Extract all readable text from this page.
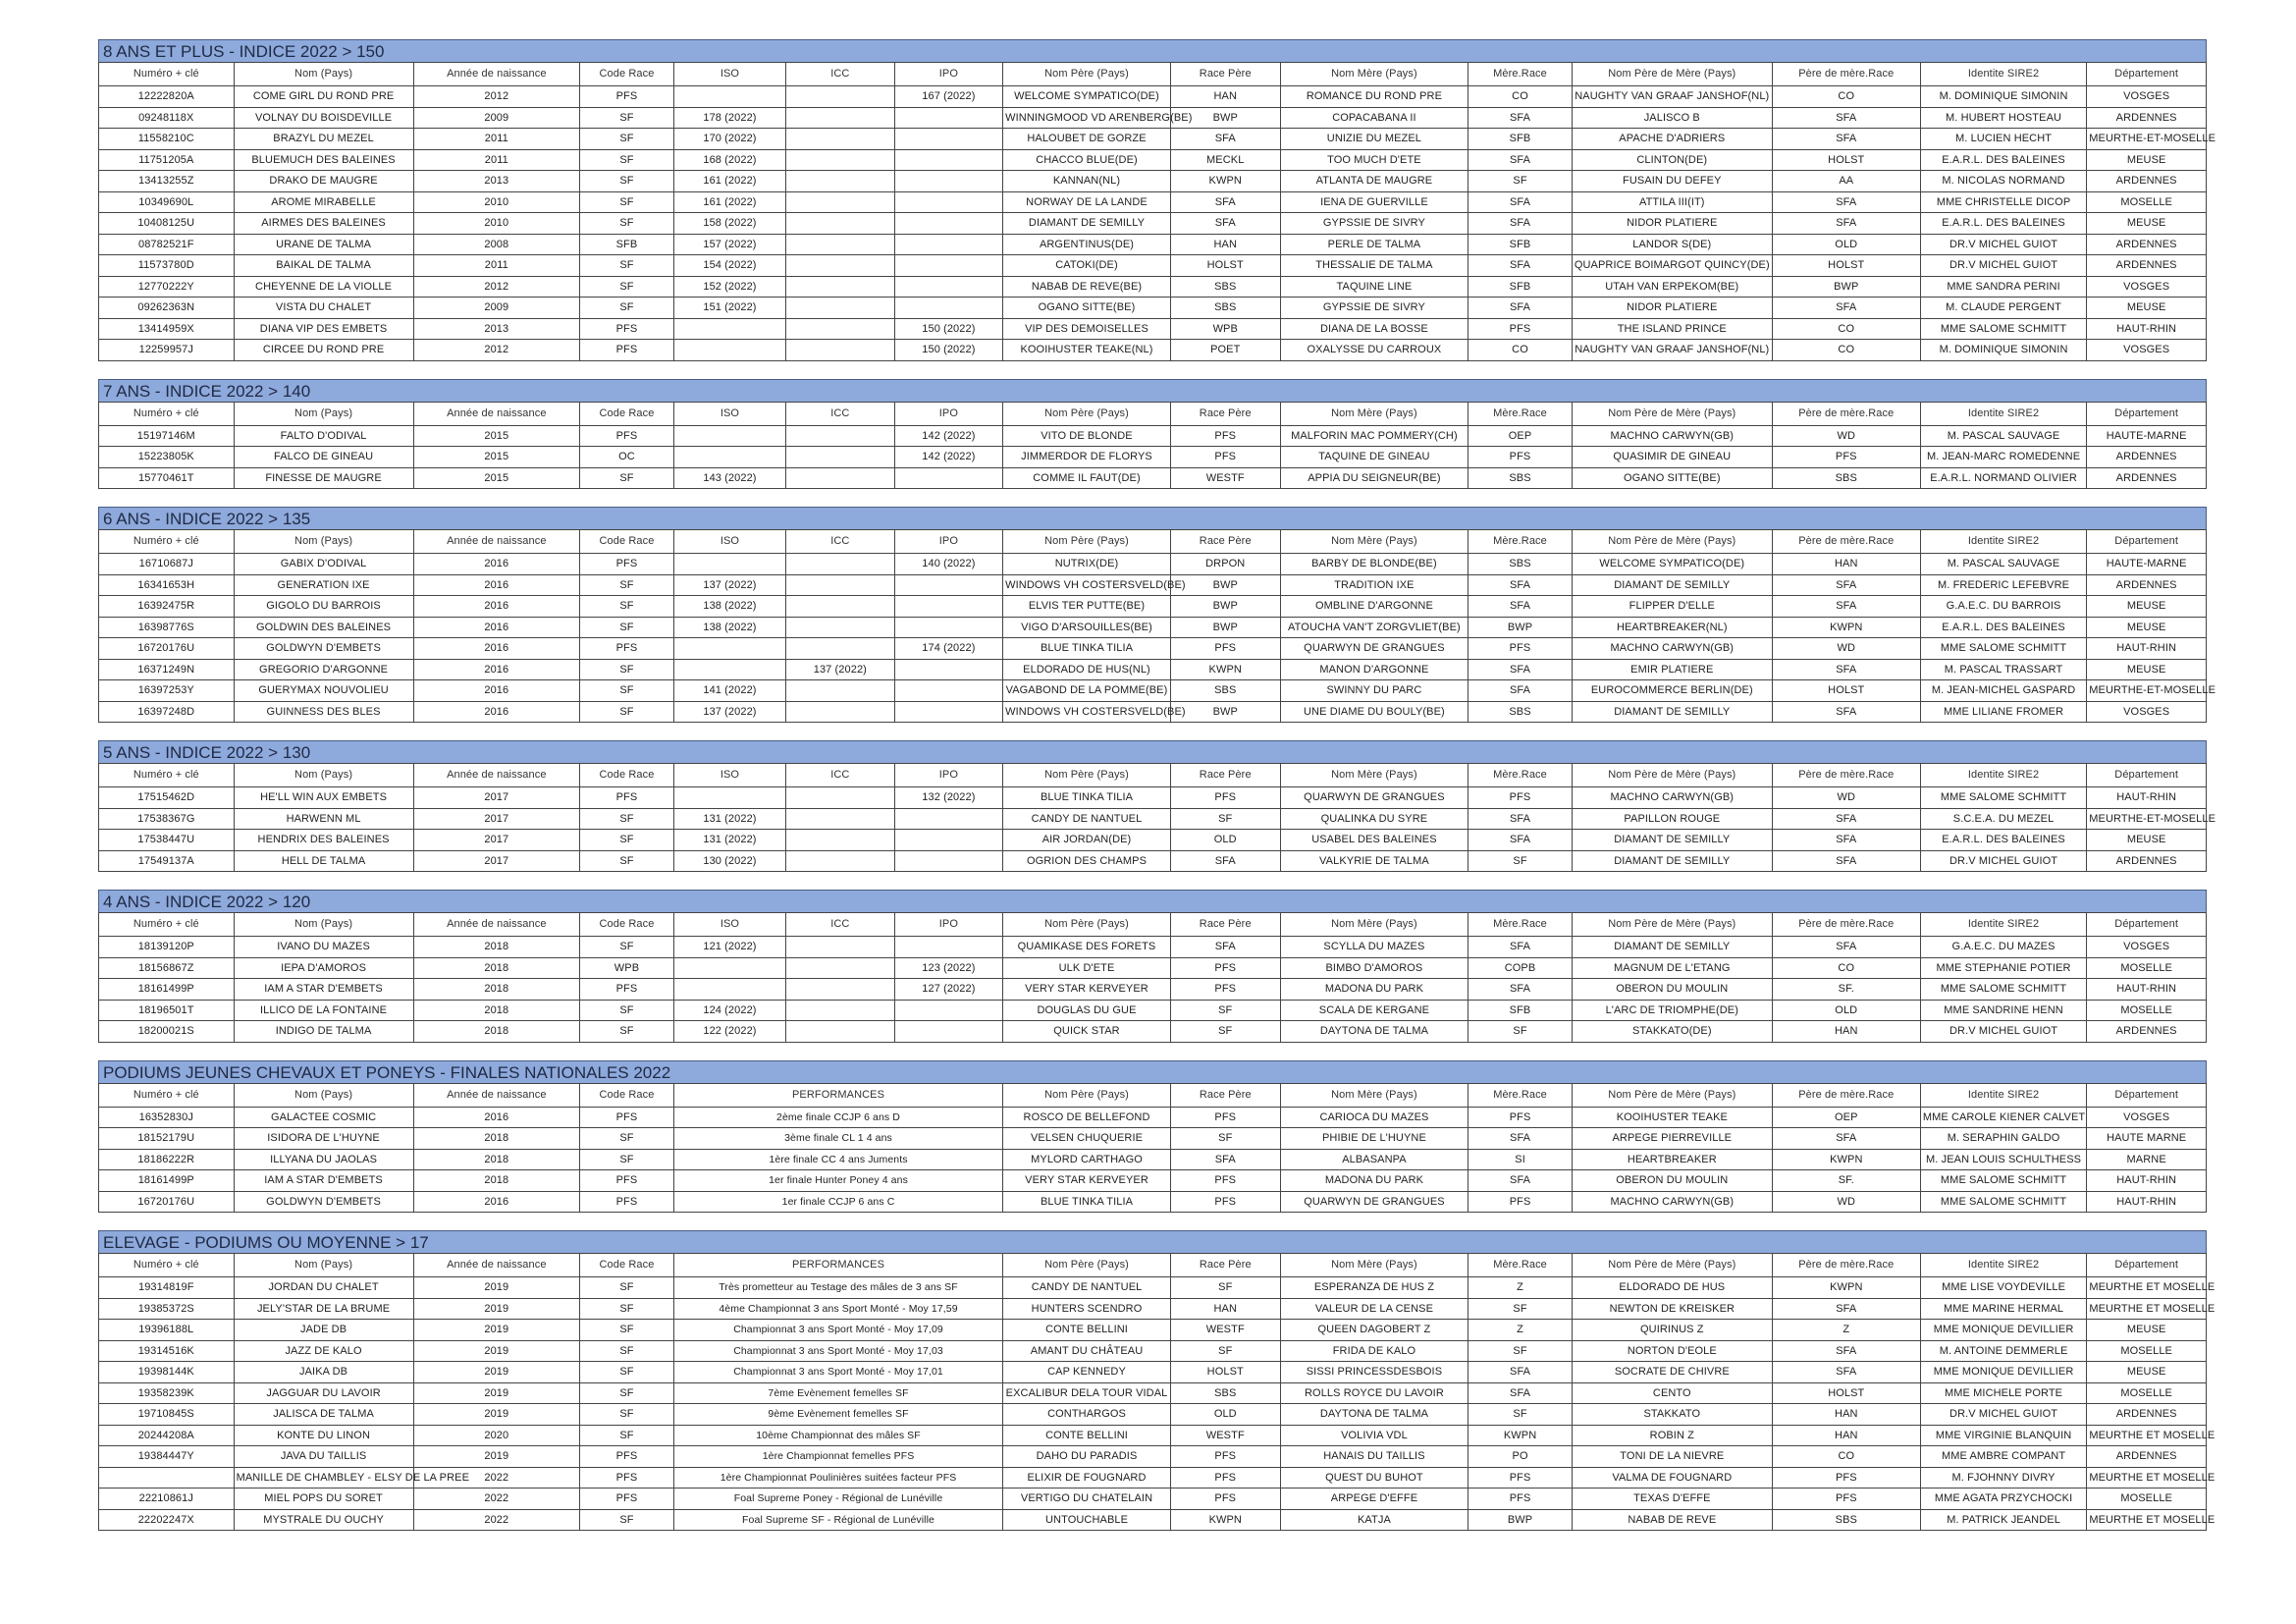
8 ANS ET PLUS - INDICE 2022 > 150
Numéro + clé	Nom (Pays)	Année de naissance	Code Race	ISO	ICC	IPO	Nom Père (Pays)	Race Père	Nom Mère (Pays)	Mère.Race	Nom Père de Mère (Pays)	Père de mère.Race	Identite SIRE2	Département
12222820A	COME GIRL DU ROND PRE	2012	PFS			167 (2022)	WELCOME SYMPATICO(DE)	HAN	ROMANCE DU ROND PRE	CO	NAUGHTY VAN GRAAF JANSHOF(NL)	CO	M. DOMINIQUE SIMONIN	VOSGES
09248118X	VOLNAY DU BOISDEVILLE	2009	SF	178 (2022)			WINNINGMOOD VD ARENBERG(BE)	BWP	COPACABANA II	SFA	JALISCO B	SFA	M. HUBERT HOSTEAU	ARDENNES
11558210C	BRAZYL DU MEZEL	2011	SF	170 (2022)			HALOUBET DE GORZE	SFA	UNIZIE DU MEZEL	SFB	APACHE D'ADRIERS	SFA	M. LUCIEN HECHT	MEURTHE-ET-MOSELLE
11751205A	BLUEMUCH DES BALEINES	2011	SF	168 (2022)			CHACCO BLUE(DE)	MECKL	TOO MUCH D'ETE	SFA	CLINTON(DE)	HOLST	E.A.R.L. DES BALEINES	MEUSE
13413255Z	DRAKO DE MAUGRE	2013	SF	161 (2022)			KANNAN(NL)	KWPN	ATLANTA DE MAUGRE	SF	FUSAIN DU DEFEY	AA	M. NICOLAS NORMAND	ARDENNES
10349690L	AROME MIRABELLE	2010	SF	161 (2022)			NORWAY DE LA LANDE	SFA	IENA DE GUERVILLE	SFA	ATTILA III(IT)	SFA	MME CHRISTELLE DICOP	MOSELLE
10408125U	AIRMES DES BALEINES	2010	SF	158 (2022)			DIAMANT DE SEMILLY	SFA	GYPSSIE DE SIVRY	SFA	NIDOR PLATIERE	SFA	E.A.R.L. DES BALEINES	MEUSE
08782521F	URANE DE TALMA	2008	SFB	157 (2022)			ARGENTINUS(DE)	HAN	PERLE DE TALMA	SFB	LANDOR S(DE)	OLD	DR.V MICHEL GUIOT	ARDENNES
11573780D	BAIKAL DE TALMA	2011	SF	154 (2022)			CATOKI(DE)	HOLST	THESSALIE DE TALMA	SFA	QUAPRICE BOIMARGOT QUINCY(DE)	HOLST	DR.V MICHEL GUIOT	ARDENNES
12770222Y	CHEYENNE DE LA VIOLLE	2012	SF	152 (2022)			NABAB DE REVE(BE)	SBS	TAQUINE LINE	SFB	UTAH VAN ERPEKOM(BE)	BWP	MME SANDRA PERINI	VOSGES
09262363N	VISTA DU CHALET	2009	SF	151 (2022)			OGANO SITTE(BE)	SBS	GYPSSIE DE SIVRY	SFA	NIDOR PLATIERE	SFA	M. CLAUDE PERGENT	MEUSE
13414959X	DIANA VIP DES EMBETS	2013	PFS			150 (2022)	VIP DES DEMOISELLES	WPB	DIANA DE LA BOSSE	PFS	THE ISLAND PRINCE	CO	MME SALOME SCHMITT	HAUT-RHIN
12259957J	CIRCEE DU ROND PRE	2012	PFS			150 (2022)	KOOIHUSTER TEAKE(NL)	POET	OXALYSSE DU CARROUX	CO	NAUGHTY VAN GRAAF JANSHOF(NL)	CO	M. DOMINIQUE SIMONIN	VOSGES
7 ANS - INDICE 2022 > 140
Numéro + clé	Nom (Pays)	Année de naissance	Code Race	ISO	ICC	IPO	Nom Père (Pays)	Race Père	Nom Mère (Pays)	Mère.Race	Nom Père de Mère (Pays)	Père de mère.Race	Identite SIRE2	Département
15197146M	FALTO D'ODIVAL	2015	PFS			142 (2022)	VITO DE BLONDE	PFS	MALFORIN MAC POMMERY(CH)	OEP	MACHNO CARWYN(GB)	WD	M. PASCAL SAUVAGE	HAUTE-MARNE
15223805K	FALCO DE GINEAU	2015	OC			142 (2022)	JIMMERDOR DE FLORYS	PFS	TAQUINE DE GINEAU	PFS	QUASIMIR DE GINEAU	PFS	M. JEAN-MARC ROMEDENNE	ARDENNES
15770461T	FINESSE DE MAUGRE	2015	SF	143 (2022)			COMME IL FAUT(DE)	WESTF	APPIA DU SEIGNEUR(BE)	SBS	OGANO SITTE(BE)	SBS	E.A.R.L. NORMAND OLIVIER	ARDENNES
6 ANS - INDICE 2022 > 135
Numéro + clé	Nom (Pays)	Année de naissance	Code Race	ISO	ICC	IPO	Nom Père (Pays)	Race Père	Nom Mère (Pays)	Mère.Race	Nom Père de Mère (Pays)	Père de mère.Race	Identite SIRE2	Département
16710687J	GABIX D'ODIVAL	2016	PFS			140 (2022)	NUTRIX(DE)	DRPON	BARBY DE BLONDE(BE)	SBS	WELCOME SYMPATICO(DE)	HAN	M. PASCAL SAUVAGE	HAUTE-MARNE
16341653H	GENERATION IXE	2016	SF	137 (2022)			WINDOWS VH COSTERSVELD(BE)	BWP	TRADITION IXE	SFA	DIAMANT DE SEMILLY	SFA	M. FREDERIC LEFEBVRE	ARDENNES
16392475R	GIGOLO DU BARROIS	2016	SF	138 (2022)			ELVIS TER PUTTE(BE)	BWP	OMBLINE D'ARGONNE	SFA	FLIPPER D'ELLE	SFA	G.A.E.C. DU BARROIS	MEUSE
16398776S	GOLDWIN DES BALEINES	2016	SF	138 (2022)			VIGO D'ARSOUILLES(BE)	BWP	ATOUCHA VAN'T ZORGVLIET(BE)	BWP	HEARTBREAKER(NL)	KWPN	E.A.R.L. DES BALEINES	MEUSE
16720176U	GOLDWYN D'EMBETS	2016	PFS			174 (2022)	BLUE TINKA TILIA	PFS	QUARWYN DE GRANGUES	PFS	MACHNO CARWYN(GB)	WD	MME SALOME SCHMITT	HAUT-RHIN
16371249N	GREGORIO D'ARGONNE	2016	SF		137 (2022)		ELDORADO DE HUS(NL)	KWPN	MANON D'ARGONNE	SFA	EMIR PLATIERE	SFA	M. PASCAL TRASSART	MEUSE
16397253Y	GUERYMAX NOUVOLIEU	2016	SF	141 (2022)			VAGABOND DE LA POMME(BE)	SBS	SWINNY DU PARC	SFA	EUROCOMMERCE BERLIN(DE)	HOLST	M. JEAN-MICHEL GASPARD	MEURTHE-ET-MOSELLE
16397248D	GUINNESS DES BLES	2016	SF	137 (2022)			WINDOWS VH COSTERSVELD(BE)	BWP	UNE DIAME DU BOULY(BE)	SBS	DIAMANT DE SEMILLY	SFA	MME LILIANE FROMER	VOSGES
5 ANS - INDICE 2022 > 130
Numéro + clé	Nom (Pays)	Année de naissance	Code Race	ISO	ICC	IPO	Nom Père (Pays)	Race Père	Nom Mère (Pays)	Mère.Race	Nom Père de Mère (Pays)	Père de mère.Race	Identite SIRE2	Département
17515462D	HE'LL WIN AUX EMBETS	2017	PFS			132 (2022)	BLUE TINKA TILIA	PFS	QUARWYN DE GRANGUES	PFS	MACHNO CARWYN(GB)	WD	MME SALOME SCHMITT	HAUT-RHIN
17538367G	HARWENN ML	2017	SF	131 (2022)			CANDY DE NANTUEL	SF	QUALINKA DU SYRE	SFA	PAPILLON ROUGE	SFA	S.C.E.A. DU MEZEL	MEURTHE-ET-MOSELLE
17538447U	HENDRIX DES BALEINES	2017	SF	131 (2022)			AIR JORDAN(DE)	OLD	USABEL DES BALEINES	SFA	DIAMANT DE SEMILLY	SFA	E.A.R.L. DES BALEINES	MEUSE
17549137A	HELL DE TALMA	2017	SF	130 (2022)			OGRION DES CHAMPS	SFA	VALKYRIE DE TALMA	SF	DIAMANT DE SEMILLY	SFA	DR.V MICHEL GUIOT	ARDENNES
4 ANS - INDICE 2022 > 120
Numéro + clé	Nom (Pays)	Année de naissance	Code Race	ISO	ICC	IPO	Nom Père (Pays)	Race Père	Nom Mère (Pays)	Mère.Race	Nom Père de Mère (Pays)	Père de mère.Race	Identite SIRE2	Département
18139120P	IVANO DU MAZES	2018	SF	121 (2022)			QUAMIKASE DES FORETS	SFA	SCYLLA DU MAZES	SFA	DIAMANT DE SEMILLY	SFA	G.A.E.C. DU MAZES	VOSGES
18156867Z	IEPA D'AMOROS	2018	WPB			123 (2022)	ULK D'ETE	PFS	BIMBO D'AMOROS	COPB	MAGNUM DE L'ETANG	CO	MME STEPHANIE POTIER	MOSELLE
18161499P	IAM A STAR D'EMBETS	2018	PFS			127 (2022)	VERY STAR KERVEYER	PFS	MADONA DU PARK	SFA	OBERON DU MOULIN	SF.	MME SALOME SCHMITT	HAUT-RHIN
18196501T	ILLICO DE LA FONTAINE	2018	SF	124 (2022)			DOUGLAS DU GUE	SF	SCALA DE KERGANE	SFB	L'ARC DE TRIOMPHE(DE)	OLD	MME SANDRINE HENN	MOSELLE
18200021S	INDIGO DE TALMA	2018	SF	122 (2022)			QUICK STAR	SF	DAYTONA DE TALMA	SF	STAKKATO(DE)	HAN	DR.V MICHEL GUIOT	ARDENNES
PODIUMS JEUNES CHEVAUX ET PONEYS - FINALES NATIONALES 2022
Numéro + clé	Nom (Pays)	Année de naissance	Code Race	PERFORMANCES	Nom Père (Pays)	Race Père	Nom Mère (Pays)	Mère.Race	Nom Père de Mère (Pays)	Père de mère.Race	Identite SIRE2	Département
16352830J	GALACTEE COSMIC	2016	PFS	2ème finale CCJP 6 ans D	ROSCO DE BELLEFOND	PFS	CARIOCA DU MAZES	PFS	KOOIHUSTER TEAKE	OEP	MME CAROLE KIENER CALVET	VOSGES
18152179U	ISIDORA DE L'HUYNE	2018	SF	3ème finale CL 1 4 ans	VELSEN CHUQUERIE	SF	PHIBIE DE L'HUYNE	SFA	ARPEGE PIERREVILLE	SFA	M. SERAPHIN GALDO	HAUTE MARNE
18186222R	ILLYANA DU JAOLAS	2018	SF	1ère finale CC 4 ans Juments	MYLORD CARTHAGO	SFA	ALBASANPA	SI	HEARTBREAKER	KWPN	M. JEAN LOUIS SCHULTHESS	MARNE
18161499P	IAM A STAR D'EMBETS	2018	PFS	1er finale Hunter Poney 4 ans	VERY STAR KERVEYER	PFS	MADONA DU PARK	SFA	OBERON DU MOULIN	SF.	MME SALOME SCHMITT	HAUT-RHIN
16720176U	GOLDWYN D'EMBETS	2016	PFS	1er finale CCJP 6 ans C	BLUE TINKA TILIA	PFS	QUARWYN DE GRANGUES	PFS	MACHNO CARWYN(GB)	WD	MME SALOME SCHMITT	HAUT-RHIN
ELEVAGE - PODIUMS OU MOYENNE > 17
Numéro + clé	Nom (Pays)	Année de naissance	Code Race	PERFORMANCES	Nom Père (Pays)	Race Père	Nom Mère (Pays)	Mère.Race	Nom Père de Mère (Pays)	Père de mère.Race	Identite SIRE2	Département
19314819F	JORDAN DU CHALET	2019	SF	Très prometteur au Testage des mâles de 3 ans SF	CANDY DE NANTUEL	SF	ESPERANZA DE HUS Z	Z	ELDORADO DE HUS	KWPN	MME LISE VOYDEVILLE	MEURTHE ET MOSELLE
19385372S	JELY'STAR DE LA BRUME	2019	SF	4ème Championnat 3 ans Sport Monté - Moy 17,59	HUNTERS SCENDRO	HAN	VALEUR DE LA CENSE	SF	NEWTON DE KREISKER	SFA	MME MARINE HERMAL	MEURTHE ET MOSELLE
19396188L	JADE DB	2019	SF	Championnat 3 ans Sport Monté - Moy 17,09	CONTE BELLINI	WESTF	QUEEN DAGOBERT Z	Z	QUIRINUS Z	Z	MME MONIQUE DEVILLIER	MEUSE
19314516K	JAZZ DE KALO	2019	SF	Championnat 3 ans Sport Monté - Moy 17,03	AMANT DU CHÂTEAU	SF	FRIDA DE KALO	SF	NORTON D'EOLE	SFA	M. ANTOINE DEMMERLE	MOSELLE
19398144K	JAIKA DB	2019	SF	Championnat 3 ans Sport Monté - Moy 17,01	CAP KENNEDY	HOLST	SISSI PRINCESSDESBOIS	SFA	SOCRATE DE CHIVRE	SFA	MME MONIQUE DEVILLIER	MEUSE
19358239K	JAGGUAR DU LAVOIR	2019	SF	7ème Evènement femelles SF	EXCALIBUR DELA TOUR VIDAL	SBS	ROLLS ROYCE DU LAVOIR	SFA	CENTO	HOLST	MME MICHELE PORTE	MOSELLE
19710845S	JALISCA DE TALMA	2019	SF	9ème Evènement femelles SF	CONTHARGOS	OLD	DAYTONA DE TALMA	SF	STAKKATO	HAN	DR.V MICHEL GUIOT	ARDENNES
20244208A	KONTE DU LINON	2020	SF	10ème Championnat des mâles SF	CONTE BELLINI	WESTF	VOLIVIA VDL	KWPN	ROBIN Z	HAN	MME VIRGINIE BLANQUIN	MEURTHE ET MOSELLE
19384447Y	JAVA DU TAILLIS	2019	PFS	1ère Championnat femelles PFS	DAHO DU PARADIS	PFS	HANAIS DU TAILLIS	PO	TONI DE LA NIEVRE	CO	MME AMBRE COMPANT	ARDENNES
	MANILLE DE CHAMBLEY - ELSY DE LA PREE	2022	PFS	1ère Championnat Poulinières suitées facteur PFS	ELIXIR DE FOUGNARD	PFS	QUEST DU BUHOT	PFS	VALMA DE FOUGNARD	PFS	M. FJOHNNY DIVRY	MEURTHE ET MOSELLE
22210861J	MIEL POPS DU SORET	2022	PFS	Foal Supreme Poney - Régional de Lunéville	VERTIGO DU CHATELAIN	PFS	ARPEGE D'EFFE	PFS	TEXAS D'EFFE	PFS	MME AGATA PRZYCHOCKI	MOSELLE
22202247X	MYSTRALE DU OUCHY	2022	SF	Foal Supreme SF - Régional de Lunéville	UNTOUCHABLE	KWPN	KATJA	BWP	NABAB DE REVE	SBS	M. PATRICK JEANDEL	MEURTHE ET MOSELLE
